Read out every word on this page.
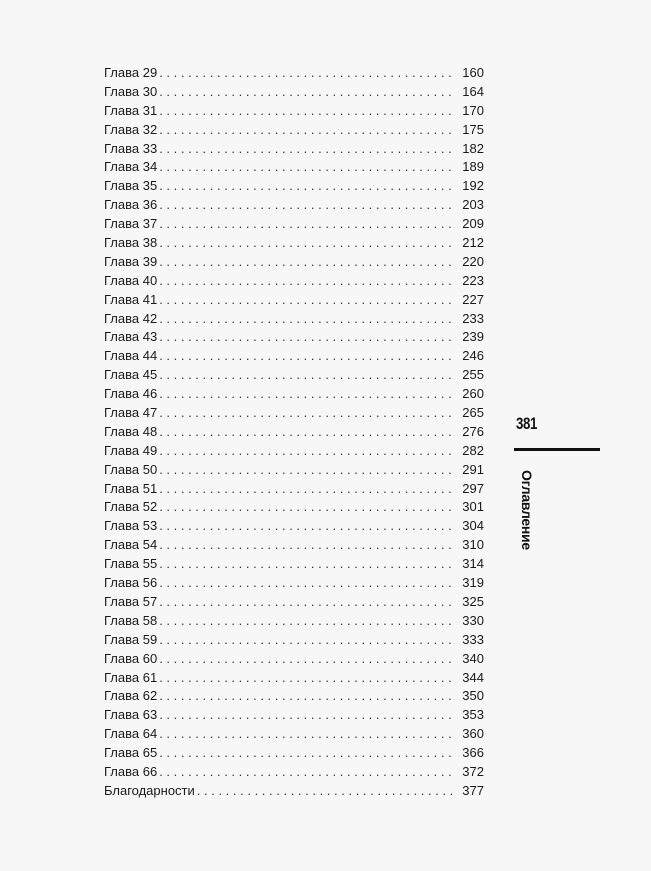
Глава 29 . . .	160
Глава 30 . . .	164
Глава 31 . . .	170
Глава 32 . . .	175
Глава 33 . . .	182
Глава 34 . . .	189
Глава 35 . . .	192
Глава 36 . . .	203
Глава 37 . . .	209
Глава 38 . . .	212
Глава 39 . . .	220
Глава 40 . . .	223
Глава 41 . . .	227
Глава 42 . . .	233
Глава 43 . . .	239
Глава 44 . . .	246
Глава 45 . . .	255
Глава 46 . . .	260
Глава 47 . . .	265
Глава 48 . . .	276
Глава 49 . . .	282
Глава 50 . . .	291
Глава 51 . . .	297
Глава 52 . . .	301
Глава 53 . . .	304
Глава 54 . . .	310
Глава 55 . . .	314
Глава 56 . . .	319
Глава 57 . . .	325
Глава 58 . . .	330
Глава 59 . . .	333
Глава 60 . . .	340
Глава 61 . . .	344
Глава 62 . . .	350
Глава 63 . . .	353
Глава 64 . . .	360
Глава 65 . . .	366
Глава 66 . . .	372
Благодарности . . .	377
381
Оглавление
